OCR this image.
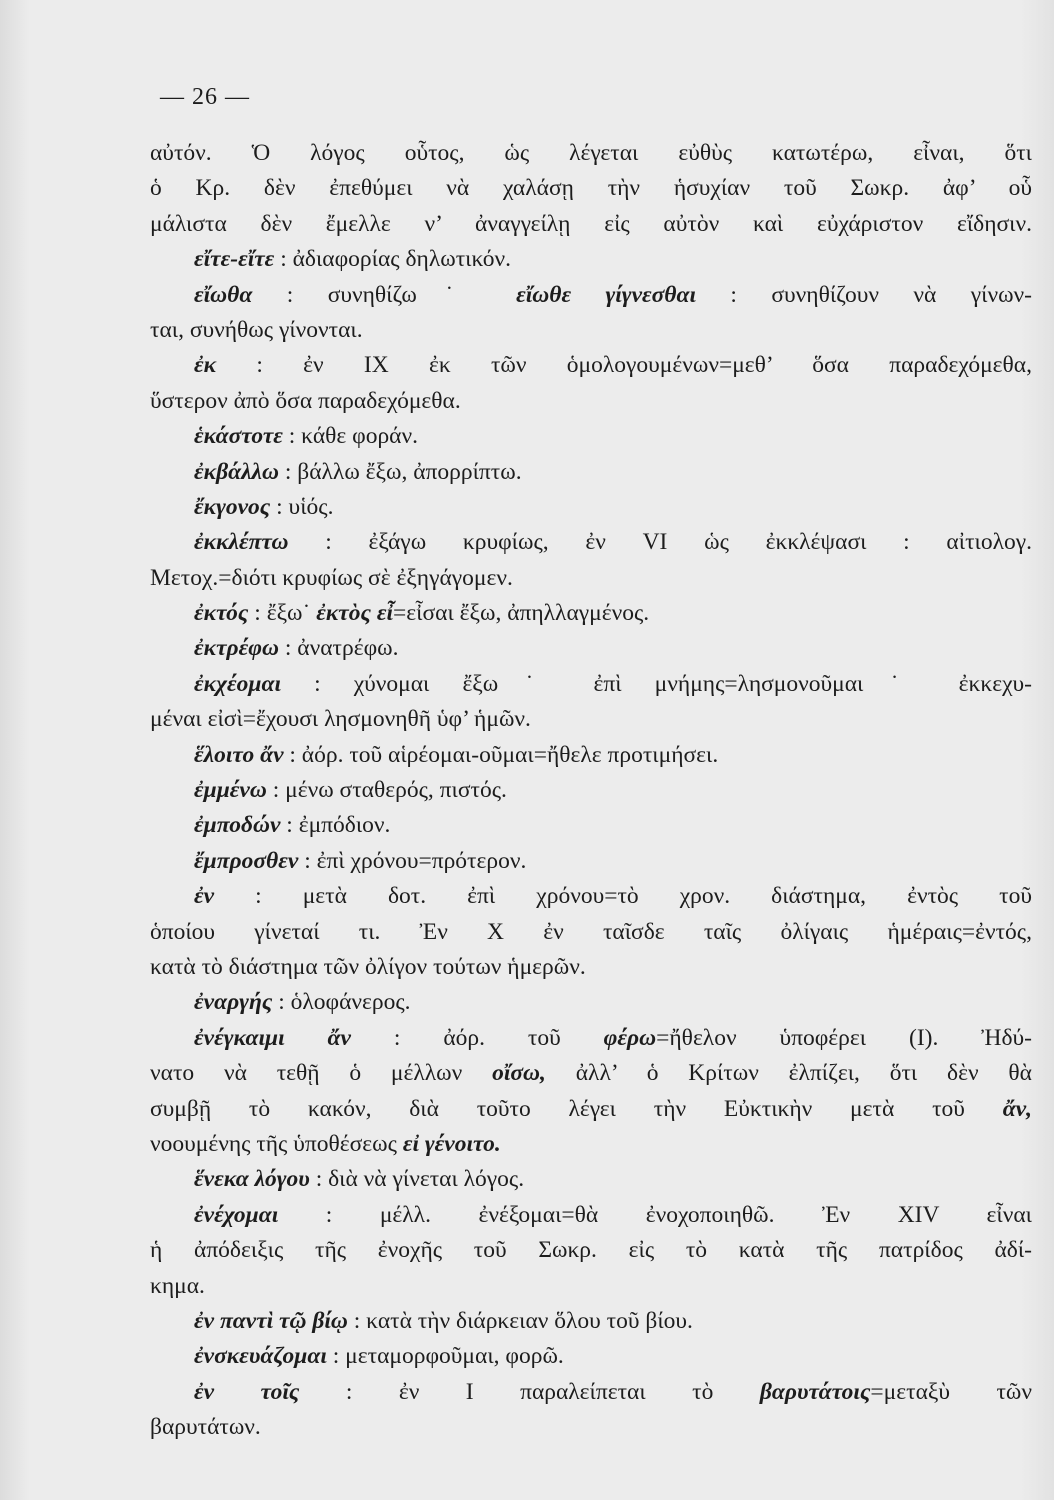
— 26 —
αὐτόν. Ὁ λόγος οὗτος, ὡς λέγεται εὐθὺς κατωτέρω, εἶναι, ὅτι
ὁ Κρ. δὲν ἐπεθύμει νὰ χαλάσῃ τὴν ἡσυχίαν τοῦ Σωκρ. ἀφ’ οὗ
μάλιστα δὲν ἔμελλε ν’ ἀναγγείλῃ εἰς αὐτὸν καὶ εὐχάριστον εἴδησιν.
εἴτε-εἴτε : ἀδιαφορίας δηλωτικόν.
εἴωθα : συνηθίζω˙ εἴωθε γίγνεσθαι : συνηθίζουν νὰ γίνων-
ται, συνήθως γίνονται.
ἐκ : ἐν IX ἐκ τῶν ὁμολογουμένων=μεθ’ ὅσα παραδεχόμεθα,
ὕστερον ἀπὸ ὅσα παραδεχόμεθα.
ἑκάστοτε : κάθε φοράν.
ἐκβάλλω : βάλλω ἔξω, ἀπορρίπτω.
ἔκγονος : υἱός.
ἐκκλέπτω : ἐξάγω κρυφίως, ἐν VI ὡς ἐκκλέψασι : αἰτιολογ.
Μετοχ.=διότι κρυφίως σὲ ἐξηγάγομεν.
ἐκτός : ἔξω˙ ἐκτὸς εἶ=εἶσαι ἔξω, ἀπηλλαγμένος.
ἐκτρέφω : ἀνατρέφω.
ἐκχέομαι : χύνομαι ἔξω˙ ἐπὶ μνήμης=λησμονοῦμαι˙ ἐκκεχυ-
μέναι εἰσὶ=ἔχουσι λησμονηθῆ ὑφ’ ἡμῶν.
ἕλοιτο ἄν : ἀόρ. τοῦ αἱρέομαι-οῦμαι=ἤθελε προτιμήσει.
ἐμμένω : μένω σταθερός, πιστός.
ἐμποδών : ἐμπόδιον.
ἔμπροσθεν : ἐπὶ χρόνου=πρότερον.
ἐν : μετὰ δοτ. ἐπὶ χρόνου=τὸ χρον. διάστημα, ἐντὸς τοῦ
ὁποίου γίνεταί τι. Ἐν X ἐν ταῖσδε ταῖς ὀλίγαις ἡμέραις=ἐντός,
κατὰ τὸ διάστημα τῶν ὀλίγον τούτων ἡμερῶν.
ἐναργής : ὁλοφάνερος.
ἐνέγκαιμι ἄν : ἀόρ. τοῦ φέρω=ἤθελον ὑποφέρει (I). Ἠδύ-
νατο νὰ τεθῇ ὁ μέλλων οἴσω, ἀλλ’ ὁ Κρίτων ἐλπίζει, ὅτι δὲν θὰ
συμβῇ τὸ κακόν, διὰ τοῦτο λέγει τὴν Εὐκτικὴν μετὰ τοῦ ἄν,
νοουμένης τῆς ὑποθέσεως εἰ γένοιτο.
ἕνεκα λόγου : διὰ νὰ γίνεται λόγος.
ἐνέχομαι : μέλλ. ἐνέξομαι=θὰ ἐνοχοποιηθῶ. Ἐν XIV εἶναι
ἡ ἀπόδειξις τῆς ἐνοχῆς τοῦ Σωκρ. εἰς τὸ κατὰ τῆς πατρίδος ἀδί-
κημα.
ἐν παντὶ τῷ βίῳ : κατὰ τὴν διάρκειαν ὅλου τοῦ βίου.
ἐνσκευάζομαι : μεταμορφοῦμαι, φορῶ.
ἐν τοῖς : ἐν I παραλείπεται τὸ βαρυτάτοις=μεταξὺ τῶν
βαρυτάτων.
